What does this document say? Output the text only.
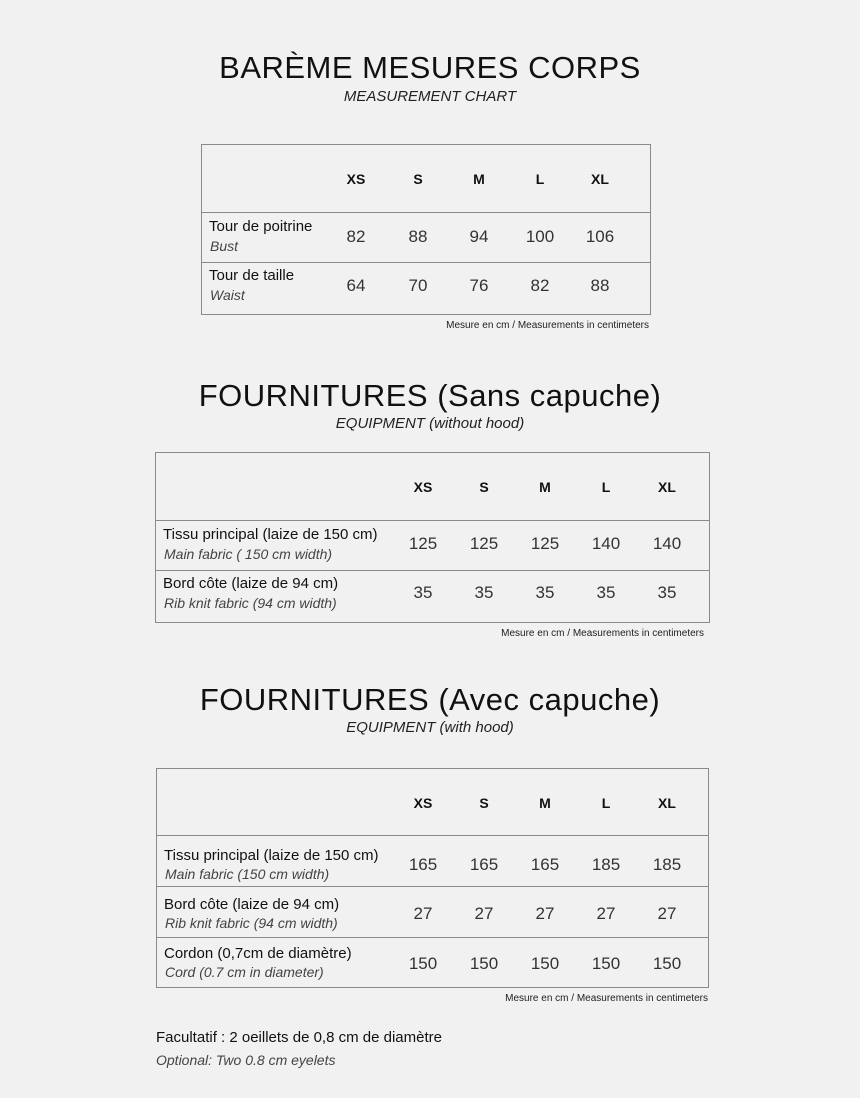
BARÈME MESURES CORPS
MEASUREMENT CHART
XS	S	M	L	XL
Tour de poitrine
Bust	82	88 94 100 106
Tour de taille
Waist	64	70 76 82 88
Mesure en cm / Measurements in centimeters
FOURNITURES (Sans capuche)
EQUIPMENT (without hood)
XS	S	M	L	XL
Tissu principal (laize de 150 cm)
Main fabric ( 150 cm width)
125 125 125 140 140
Bord côte (laize de 94 cm)
Rib knit fabric (94 cm width)
35 35 35 35 35
Mesure en cm / Measurements in centimeters
FOURNITURES (Avec capuche)
EQUIPMENT (with hood)
XS	S	M	L	XL
Tissu principal (laize de 150 cm)
Main fabric (150 cm width)	165 165 165 185 185
Bord côte (laize de 94 cm)
Rib knit fabric (94 cm width)	27 27 27 27 27
Cordon (0,7cm de diamètre)
Cord (0.7 cm in diameter)	150 150 150 150 150
Mesure en cm / Measurements in centimeters
Facultatif : 2 oeillets de 0,8 cm de diamètre
Optional: Two 0.8 cm eyelets
